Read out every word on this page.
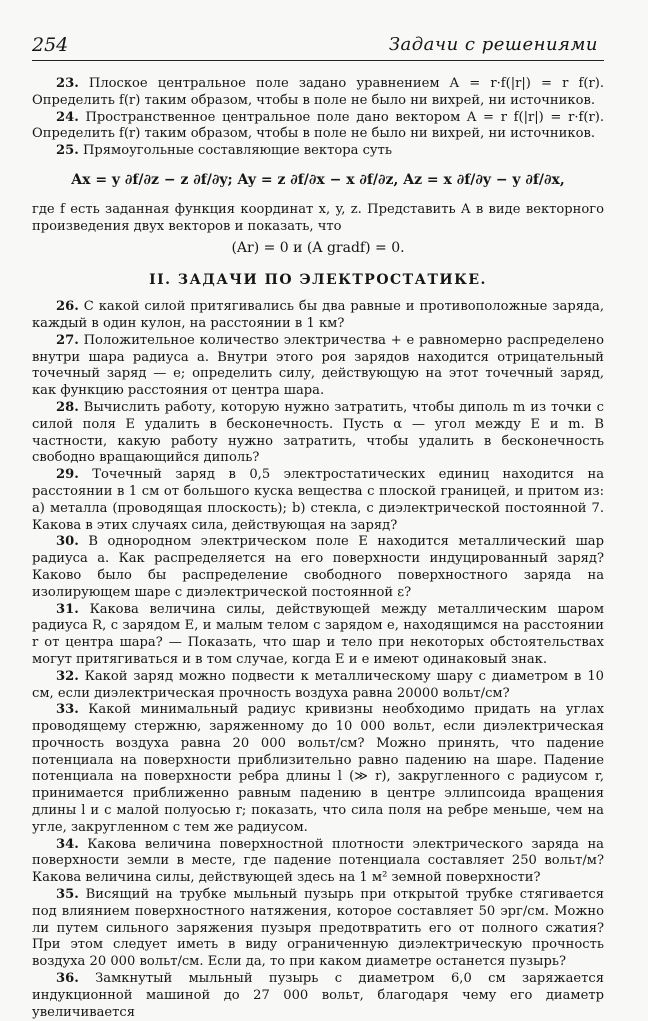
254	Задачи с решениями

23. Плоское центральное поле задано уравнением A = r·f(|r|) = r f(r). Определить f(r) таким образом, чтобы в поле не было ни вихрей, ни источников.

24. Пространственное центральное поле дано вектором A = r f(|r|) = r·f(r). Определить f(r) таким образом, чтобы в поле не было ни вихрей, ни источников.

25. Прямоугольные составляющие вектора суть

Ax = y ∂f/∂z − z ∂f/∂y; Ay = z ∂f/∂x − x ∂f/∂z, Az = x ∂f/∂y − y ∂f/∂x,

где f есть заданная функция координат x, y, z. Представить A в виде векторного произведения двух векторов и показать, что

(Ar) = 0 и (A gradf) = 0.
II. ЗАДАЧИ ПО ЭЛЕКТРОСТАТИКЕ.

26. С какой силой притягивались бы два равные и противоположные заряда, каждый в один кулон, на расстоянии в 1 км?

27. Положительное количество электричества + e равномерно распределено внутри шара радиуса a. Внутри этого роя зарядов находится отрицательный точечный заряд — e; определить силу, действующую на этот точечный заряд, как функцию расстояния от центра шара.

28. Вычислить работу, которую нужно затратить, чтобы диполь m из точки с силой поля E удалить в бесконечность. Пусть α — угол между E и m. В частности, какую работу нужно затратить, чтобы удалить в бесконечность свободно вращающийся диполь?

29. Точечный заряд в 0,5 электростатических единиц находится на расстоянии в 1 см от большого куска вещества с плоской границей, и притом из: а) металла (проводящая плоскость); b) стекла, с диэлектрической постоянной 7. Какова в этих случаях сила, действующая на заряд?

30. В однородном электрическом поле E находится металлический шар радиуса a. Как распределяется на его поверхности индуцированный заряд? Каково было бы распределение свободного поверхностного заряда на изолирующем шаре с диэлектрической постоянной ε?

31. Какова величина силы, действующей между металлическим шаром радиуса R, с зарядом E, и малым телом с зарядом e, находящимся на расстоянии r от центра шара? — Показать, что шар и тело при некоторых обстоятельствах могут притягиваться и в том случае, когда E и e имеют одинаковый знак.

32. Какой заряд можно подвести к металлическому шару с диаметром в 10 см, если диэлектрическая прочность воздуха равна 20000 вольт/см?

33. Какой минимальный радиус кривизны необходимо придать на углах проводящему стержню, заряженному до 10 000 вольт, если диэлектрическая прочность воздуха равна 20 000 вольт/см? Можно принять, что падение потенциала на поверхности приблизительно равно падению на шаре. Падение потенциала на поверхности ребра длины l (≫ r), закругленного с радиусом r, принимается приближенно равным падению в центре эллипсоида вращения длины l и с малой полуосью r; показать, что сила поля на ребре меньше, чем на угле, закругленном с тем же радиусом.

34. Какова величина поверхностной плотности электрического заряда на поверхности земли в месте, где падение потенциала составляет 250 вольт/м? Какова величина силы, действующей здесь на 1 м² земной поверхности?

35. Висящий на трубке мыльный пузырь при открытой трубке стягивается под влиянием поверхностного натяжения, которое составляет 50 эрг/см. Можно ли путем сильного заряжения пузыря предотвратить его от полного сжатия? При этом следует иметь в виду ограниченную диэлектрическую прочность воздуха 20 000 вольт/см. Если да, то при каком диаметре останется пузырь?

36. Замкнутый мыльный пузырь с диаметром 6,0 см заряжается индукционной машиной до 27 000 вольт, благодаря чему его диаметр увеличивается
